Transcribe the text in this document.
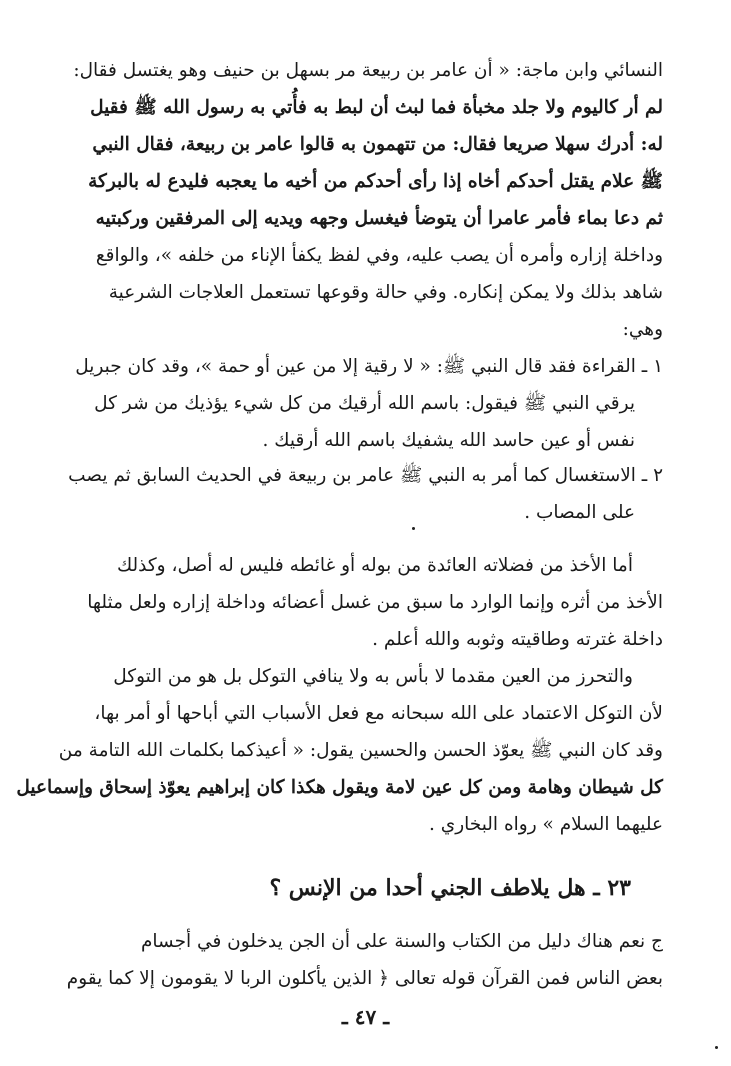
النسائي وابن ماجة: « أن عامر بن ربيعة مر بسهل بن حنيف وهو يغتسل فقال:
لم أر كاليوم ولا جلد مخبأة فما لبث أن لبط به فأُتي به رسول الله ﷺ فقيل
له: أدرك سهلا صريعا فقال: من تتهمون به قالوا عامر بن ربيعة، فقال النبي
ﷺ علام يقتل أحدكم أخاه إذا رأى أحدكم من أخيه ما يعجبه فليدع له بالبركة
ثم دعا بماء فأمر عامرا أن يتوضأ فيغسل وجهه ويديه إلى المرفقين وركبتيه
وداخلة إزاره وأمره أن يصب عليه، وفي لفظ يكفأ الإناء من خلفه »، والواقع
شاهد بذلك ولا يمكن إنكاره. وفي حالة وقوعها تستعمل العلاجات الشرعية
وهي:
١ ـ القراءة فقد قال النبي ﷺ: « لا رقية إلا من عين أو حمة »، وقد كان جبريل
يرقي النبي ﷺ فيقول: باسم الله أرقيك من كل شيء يؤذيك من شر كل
نفس أو عين حاسد الله يشفيك باسم الله أرقيك .
٢ ـ الاستغسال كما أمر به النبي ﷺ عامر بن ربيعة في الحديث السابق ثم يصب
على المصاب .
أما الأخذ من فضلاته العائدة من بوله أو غائطه فليس له أصل، وكذلك
الأخذ من أثره وإنما الوارد ما سبق من غسل أعضائه وداخلة إزاره ولعل مثلها
داخلة غترته وطاقيته وثوبه والله أعلم .
والتحرز من العين مقدما لا بأس به ولا ينافي التوكل بل هو من التوكل
لأن التوكل الاعتماد على الله سبحانه مع فعل الأسباب التي أباحها أو أمر بها،
وقد كان النبي ﷺ يعوّذ الحسن والحسين يقول: « أعيذكما بكلمات الله التامة من
كل شيطان وهامة ومن كل عين لامة ويقول هكذا كان إبراهيم يعوّذ إسحاق وإسماعيل
عليهما السلام » رواه البخاري .
٢٣ ـ هل يلاطف الجني أحدا من الإنس ؟
ج نعم هناك دليل من الكتاب والسنة على أن الجن يدخلون في أجسام
بعض الناس فمن القرآن قوله تعالى ﴿ الذين يأكلون الربا لا يقومون إلا كما يقوم
ـ ٤٧ ـ
